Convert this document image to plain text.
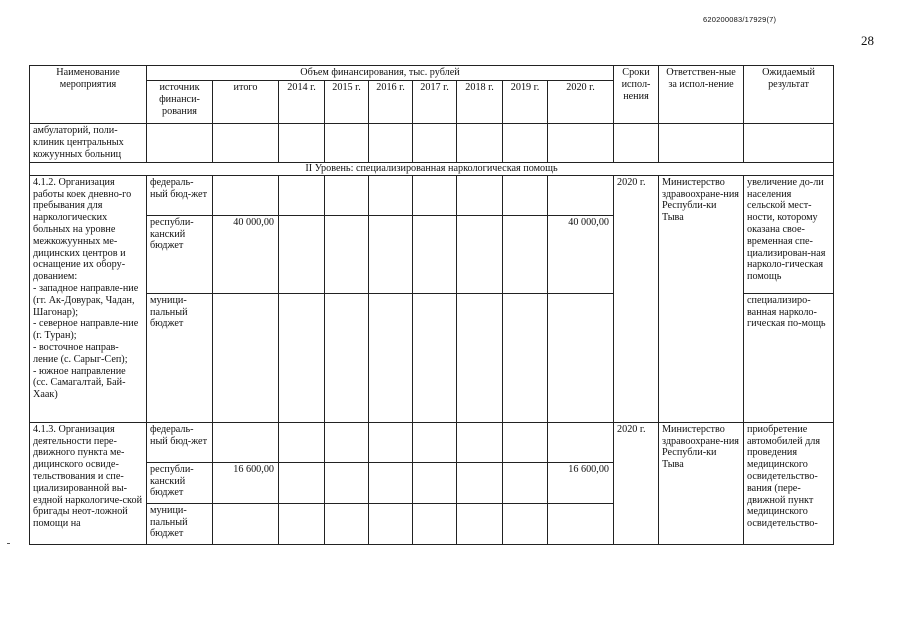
620200083/17929(7)
28
Наименование мероприятия	Объем финансирования, тыс. рублей									Сроки испол-нения	Ответствен-ные за испол-нение	Ожидаемый результат
	источник финанси-рования	итого	2014 г.	2015 г.	2016 г.	2017 г.	2018 г.	2019 г.	2020 г.			
амбулаторий, поли-клиник центральных кожуунных больниц												
II Уровень: специализированная наркологическая помощь												
4.1.2. Организация работы коек дневно-го пребывания для наркологических больных на уровне межкожуунных ме-дицинских центров и оснащение их обору-дованием:
- западное направле-ние (гг. Ак-Довурак, Чадан, Шагонар);
- северное направле-ние (г. Туран);
- восточное направ-ление (с. Сарыг-Сеп);
- южное направление (сс. Самагалтай, Бай-Хаак)	федераль-ный бюд-жет									2020 г.	Министерство здравоохране-ния Республи-ки Тыва	увеличение до-ли населения сельской мест-ности, которому оказана свое-временная спе-циализирован-ная нарколо-гическая помощь
	республи-канский бюджет	40 000,00							40 000,00			
	муници-пальный бюджет											специализиро-ванная нарколо-гическая по-мощь
4.1.3. Организация деятельности пере-движного пункта ме-дицинского освиде-тельствования и спе-циализированной вы-ездной наркологиче-ской бригады неот-ложной помощи на	федераль-ный бюд-жет									2020 г.	Министерство здравоохране-ния Республи-ки Тыва	приобретение автомобилей для проведения медицинского освидетельство-вания (пере-движной пункт медицинского освидетельство-
	республи-канский бюджет	16 600,00							16 600,00			
	муници-пальный бюджет											
